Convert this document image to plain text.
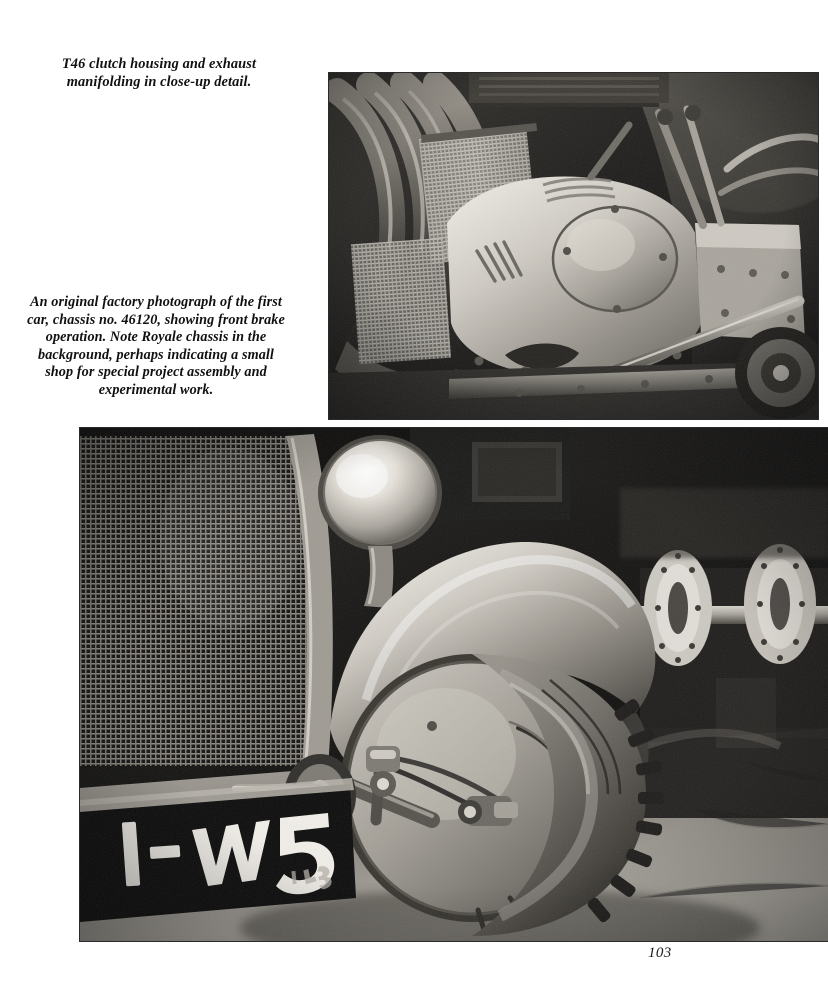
T46 clutch housing and exhaust manifolding in close-up detail.
An original factory photograph of the first car, chassis no. 46120, showing front brake operation. Note Royale chassis in the background, perhaps indicating a small shop for special project assembly and experimental work.
103
